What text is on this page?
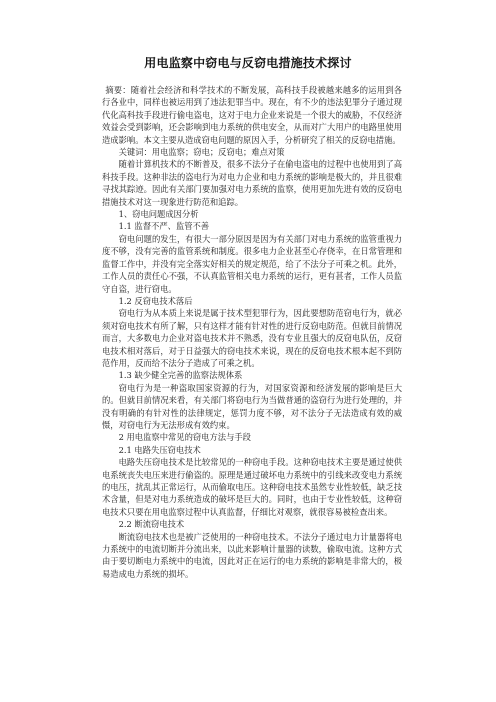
用电监察中窃电与反窃电措施技术探讨

摘要：随着社会经济和科学技术的不断发展，高科技手段被越来越多的运用到各行各业中，同样也被运用到了违法犯罪当中。现在，有不少的违法犯罪分子通过现代化高科技手段进行偷电盗电，这对于电力企业来说是一个很大的威胁，不仅经济效益会受到影响，还会影响到电力系统的供电安全，从而对广大用户的电路里使用造成影响。本文主要从造成窃电问题的原因入手，分析研究了相关的反窃电措施。

关键词：用电监察；窃电；反窃电；难点对策

随着计算机技术的不断普及，很多不法分子在偷电盗电的过程中也使用到了高科技手段。这种非法的盗电行为对电力企业和电力系统的影响是极大的，并且很难寻找其踪迹。因此有关部门要加强对电力系统的监察，使用更加先进有效的反窃电措施技术对这一现象进行防范和追踪。

1、窃电问题成因分析

1.1 监督不严、监管不善

窃电问题的发生，有很大一部分原因是因为有关部门对电力系统的监管重视力度不够，没有完善的监管系统和制度。很多电力企业甚至心存侥幸，在日常管理和监督工作中，并没有完全落实好相关的规定规范，给了不法分子可乘之机。此外，工作人员的责任心不强，不认真监管相关电力系统的运行，更有甚者，工作人员监守自盗，进行窃电。

1.2 反窃电技术落后

窃电行为从本质上来说是属于技术型犯罪行为，因此要想防范窃电行为，就必须对窃电技术有所了解，只有这样才能有针对性的进行反窃电防范。但就目前情况而言，大多数电力企业对盗电技术并不熟悉，没有专业且强大的反窃电队伍，反窃电技术相对落后，对于日益强大的窃电技术来说，现在的反窃电技术根本起不到防范作用，反而给不法分子造成了可乘之机。

1.3 缺少健全完善的监察法规体系

窃电行为是一种盗取国家资源的行为，对国家资源和经济发展的影响是巨大的。但就目前情况来看，有关部门将窃电行为当做普通的盗窃行为进行处理的，并没有明确的有针对性的法律规定，惩罚力度不够，对不法分子无法造成有效的威慑，对窃电行为无法形成有效约束。

2 用电监察中常见的窃电方法与手段

2.1 电路失压窃电技术

电路失压窃电技术是比较常见的一种窃电手段。这种窃电技术主要是通过使供电系统丧失电压来进行偷盗的。原理是通过破坏电力系统中的引线来改变电力系统的电压，扰乱其正常运行，从而偷取电压。这种窃电技术虽然专业性较低，缺乏技术含量，但是对电力系统造成的破坏是巨大的。同时，也由于专业性较低，这种窃电技术只要在用电监察过程中认真监督，仔细比对观察，就很容易被检查出来。

2.2 断流窃电技术

断流窃电技术也是被广泛使用的一种窃电技术。不法分子通过电力计量器将电力系统中的电流切断并分流出来，以此来影响计量器的读数，偷取电流。这种方式由于要切断电力系统中的电流，因此对正在运行的电力系统的影响是非常大的，极易造成电力系统的损坏。
